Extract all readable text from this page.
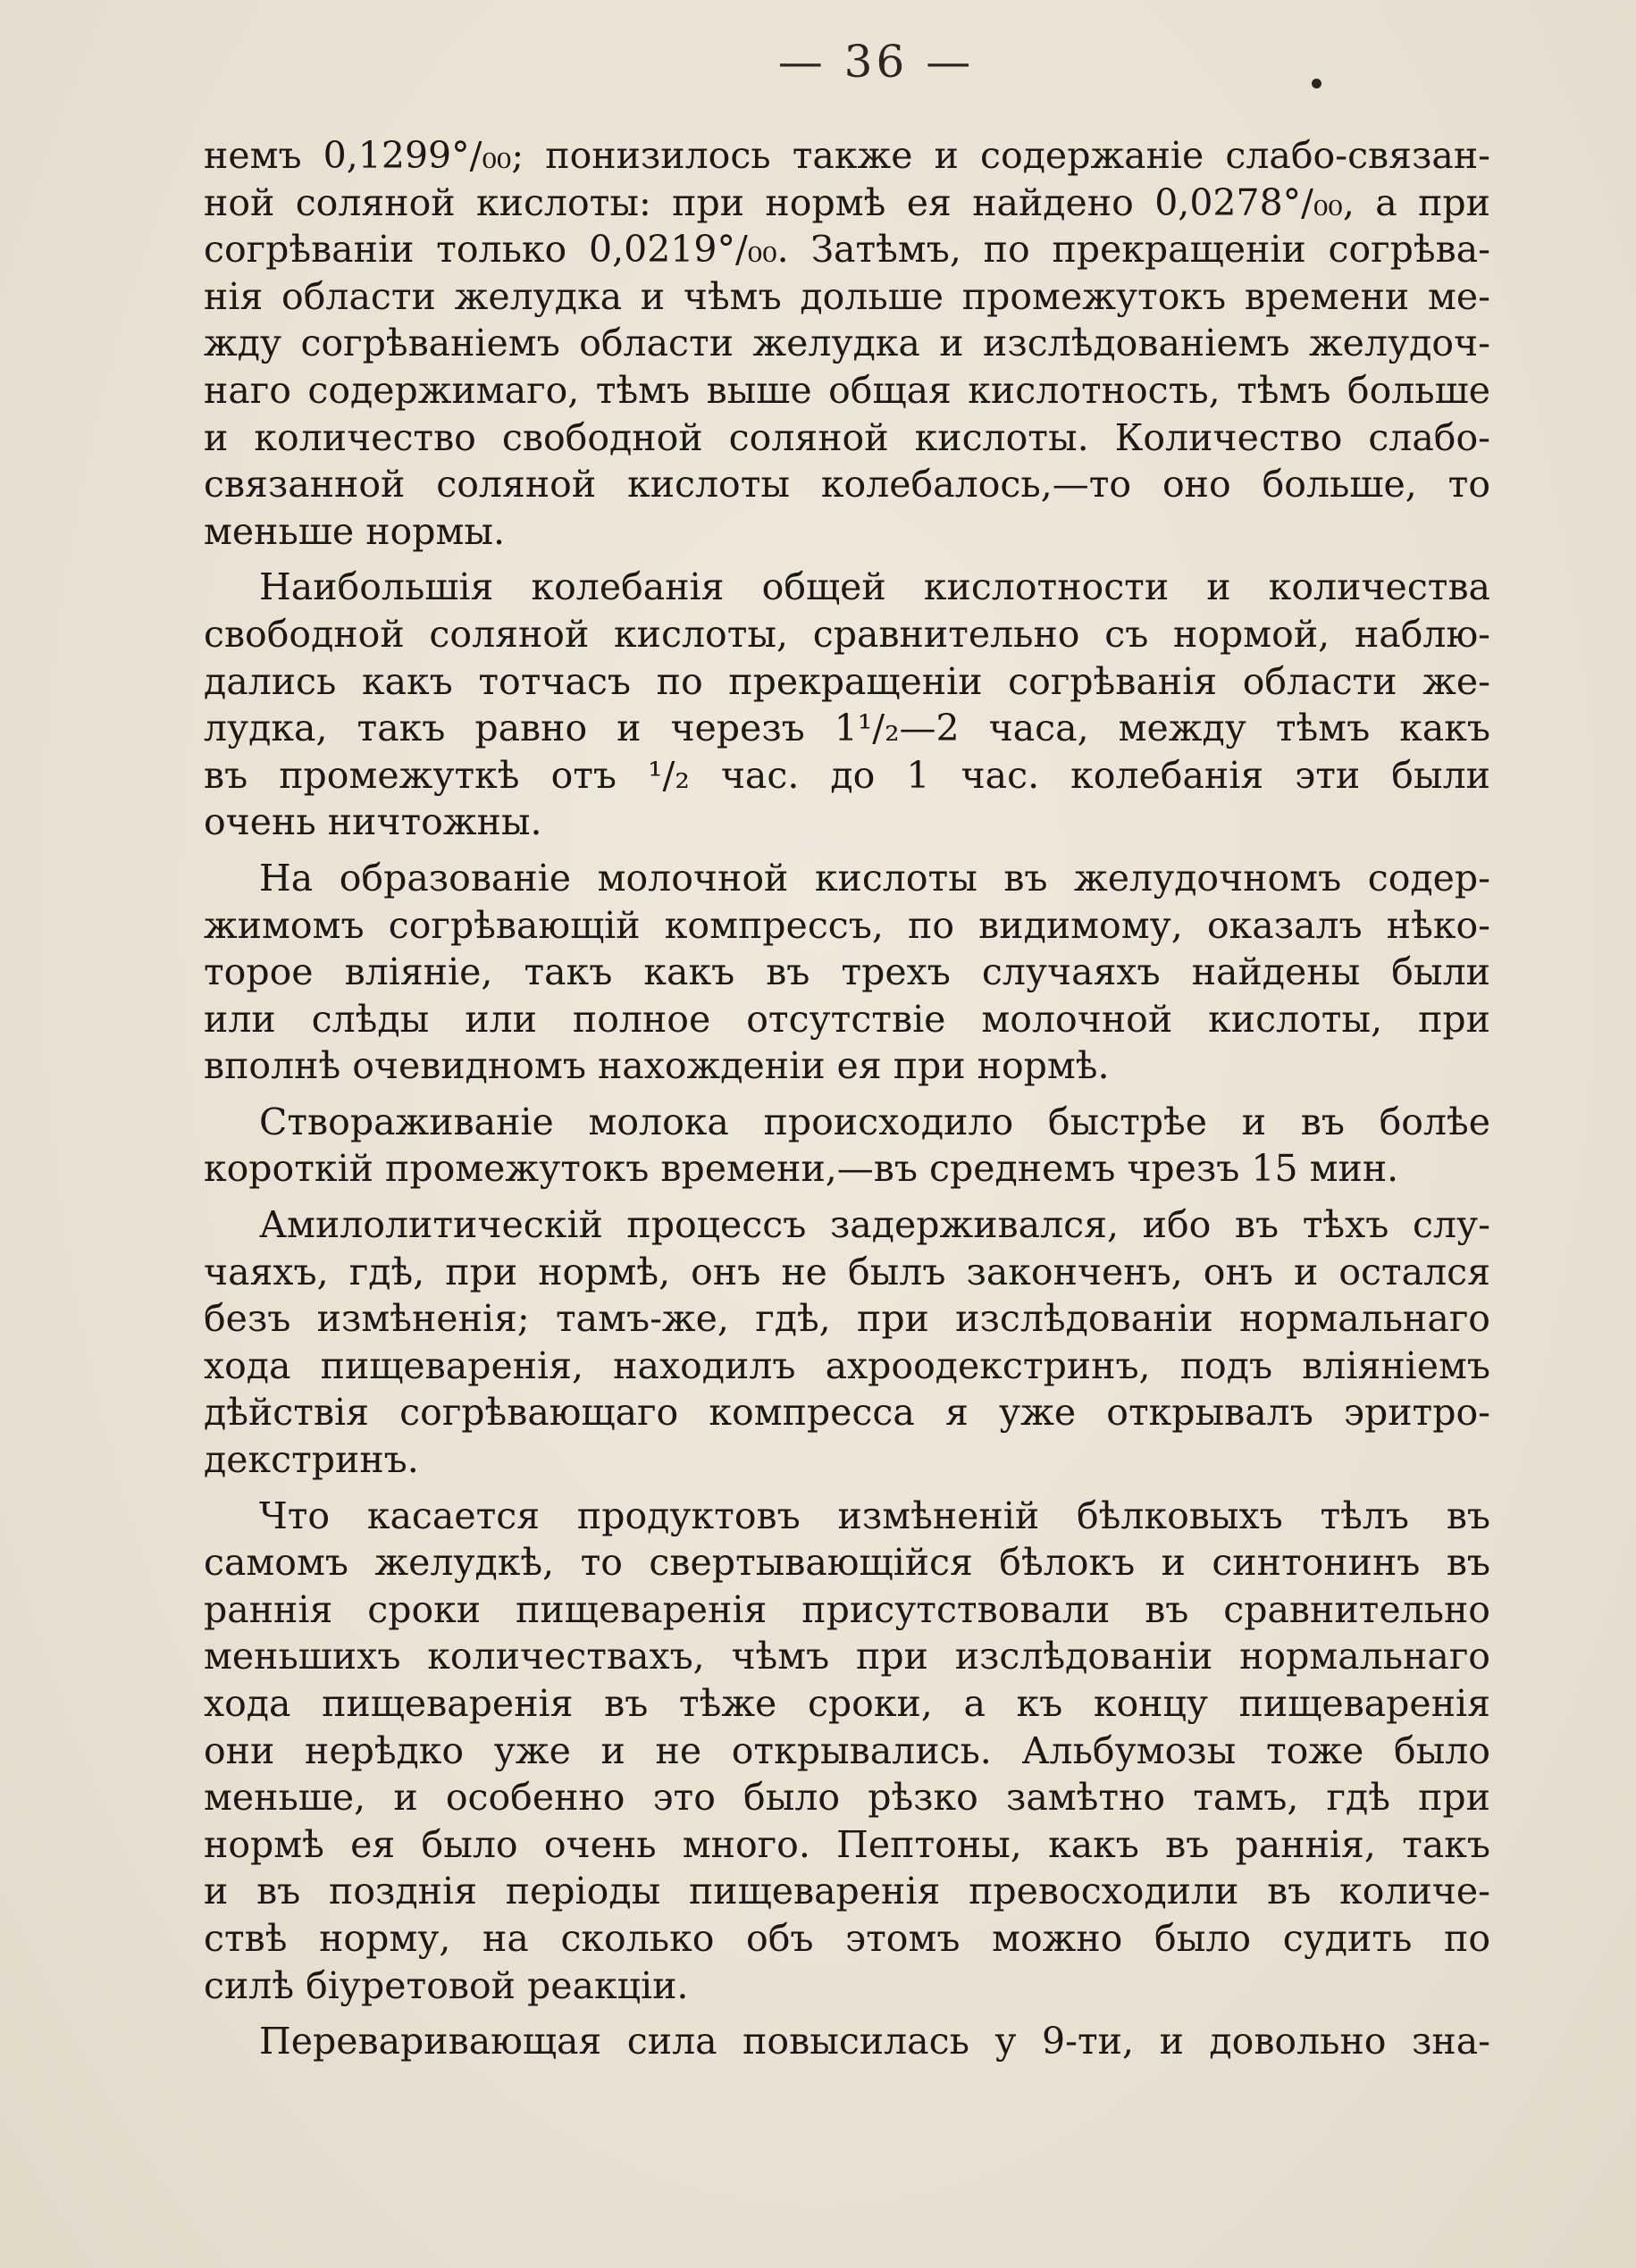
— 36 —
немъ 0,1299°/₀₀; понизилось также и содержаніе слабо-связан-
ной соляной кислоты: при нормѣ ея найдено 0,0278°/₀₀, а при
согрѣваніи только 0,0219°/₀₀. Затѣмъ, по прекращеніи согрѣва-
нія области желудка и чѣмъ дольше промежутокъ времени ме-
жду согрѣваніемъ области желудка и изслѣдованіемъ желудоч-
наго содержимаго, тѣмъ выше общая кислотность, тѣмъ больше
и количество свободной соляной кислоты. Количество слабо-
связанной соляной кислоты колебалось,—то оно больше, то
меньше нормы.
Наибольшія колебанія общей кислотности и количества
свободной соляной кислоты, сравнительно съ нормой, наблю-
дались какъ тотчасъ по прекращеніи согрѣванія области же-
лудка, такъ равно и черезъ 1¹/₂—2 часа, между тѣмъ какъ
въ промежуткѣ отъ ¹/₂ час. до 1 час. колебанія эти были
очень ничтожны.
На образованіе молочной кислоты въ желудочномъ содер-
жимомъ согрѣвающій компрессъ, по видимому, оказалъ нѣко-
торое вліяніе, такъ какъ въ трехъ случаяхъ найдены были
или слѣды или полное отсутствіе молочной кислоты, при
вполнѣ очевидномъ нахожденіи ея при нормѣ.
Створаживаніе молока происходило быстрѣе и въ болѣе
короткій промежутокъ времени,—въ среднемъ чрезъ 15 мин.
Амилолитическій процессъ задерживался, ибо въ тѣхъ слу-
чаяхъ, гдѣ, при нормѣ, онъ не былъ законченъ, онъ и остался
безъ измѣненія; тамъ-же, гдѣ, при изслѣдованіи нормальнаго
хода пищеваренія, находилъ ахроодекстринъ, подъ вліяніемъ
дѣйствія согрѣвающаго компресса я уже открывалъ эритро-
декстринъ.
Что касается продуктовъ измѣненій бѣлковыхъ тѣлъ въ
самомъ желудкѣ, то свертывающійся бѣлокъ и синтонинъ въ
раннія сроки пищеваренія присутствовали въ сравнительно
меньшихъ количествахъ, чѣмъ при изслѣдованіи нормальнаго
хода пищеваренія въ тѣже сроки, а къ концу пищеваренія
они нерѣдко уже и не открывались. Альбумозы тоже было
меньше, и особенно это было рѣзко замѣтно тамъ, гдѣ при
нормѣ ея было очень много. Пептоны, какъ въ раннія, такъ
и въ позднія періоды пищеваренія превосходили въ количе-
ствѣ норму, на сколько объ этомъ можно было судить по
силѣ біуретовой реакціи.
Переваривающая сила повысилась у 9-ти, и довольно зна-
